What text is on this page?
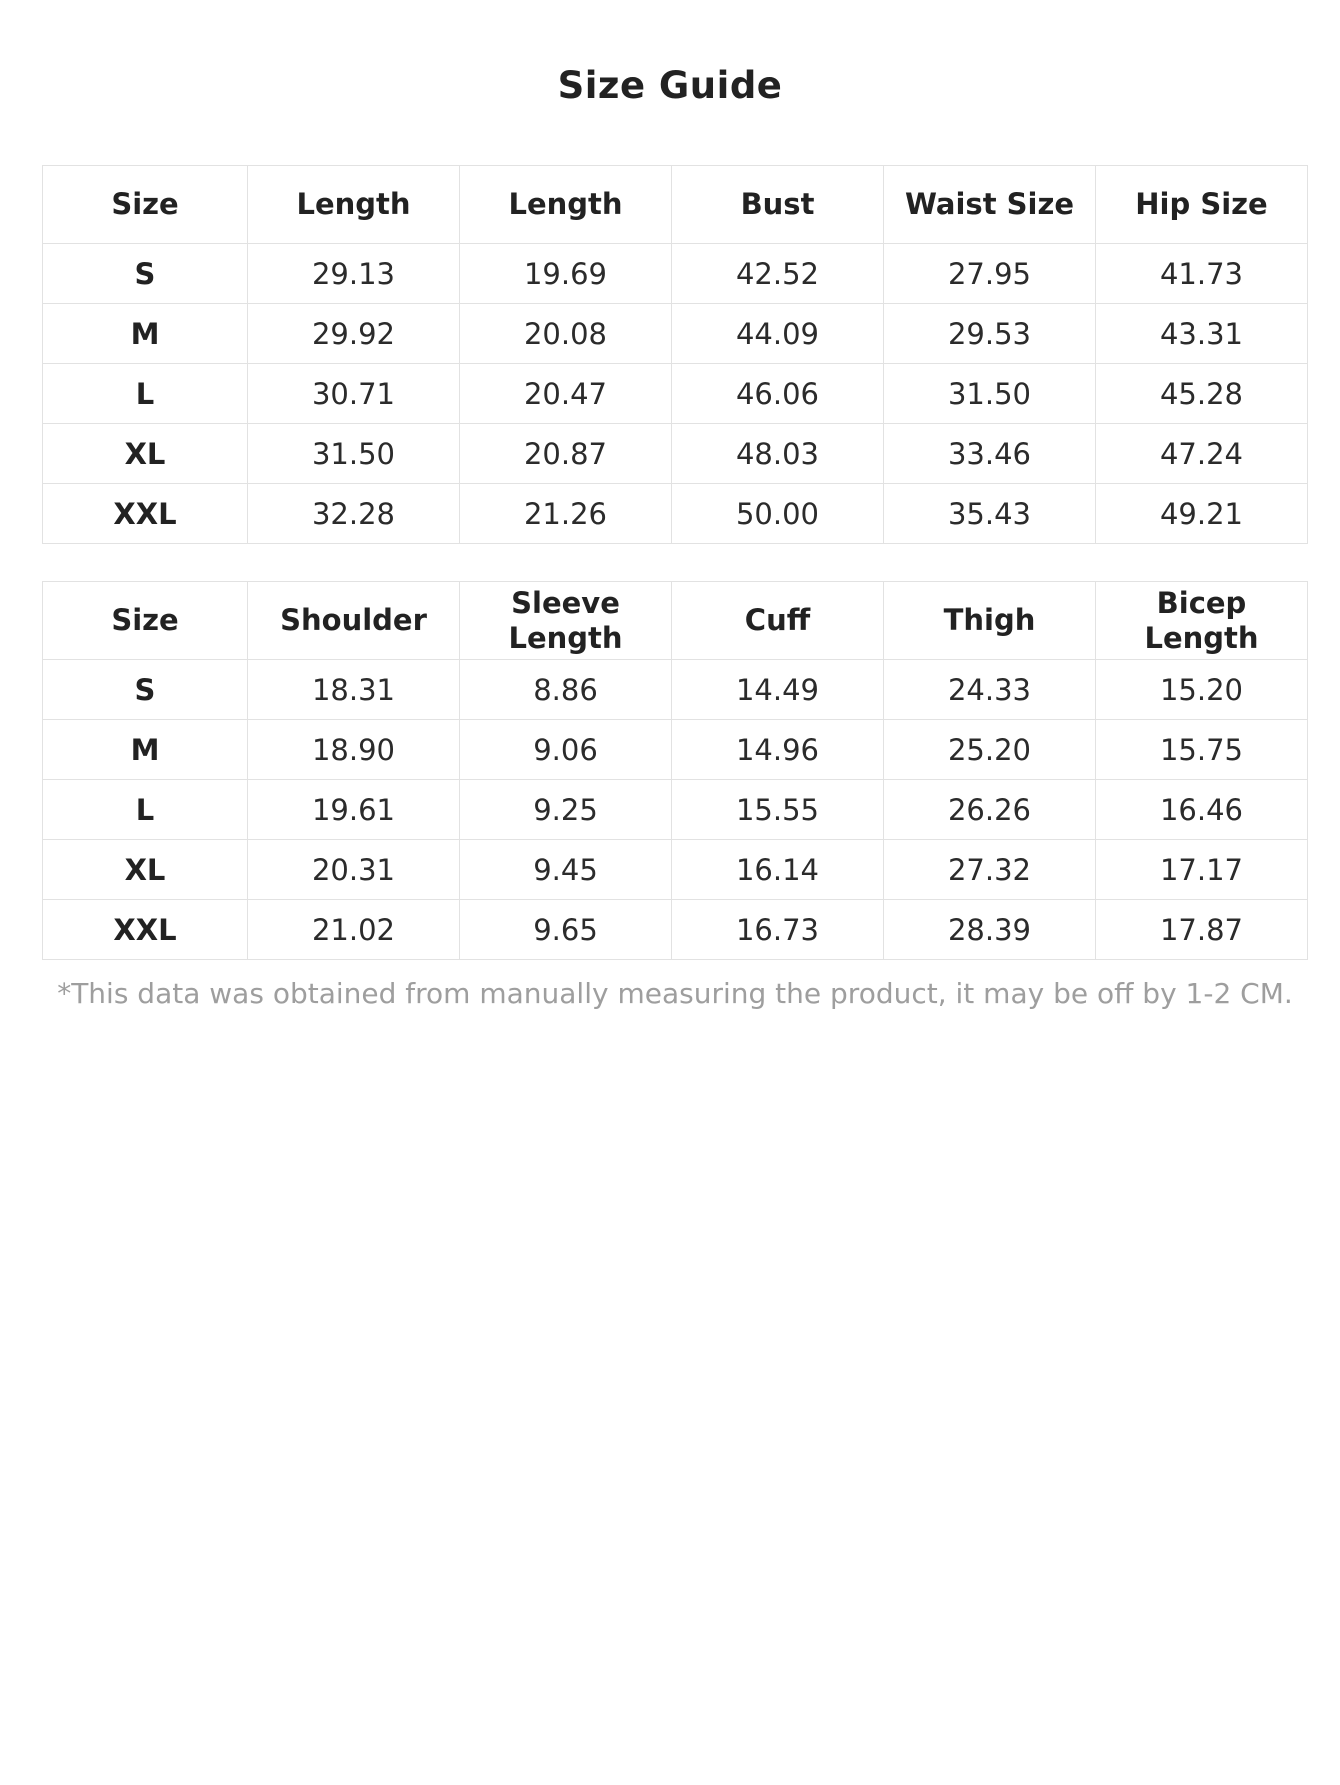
Size Guide
Size	Length	Length	Bust	Waist Size	Hip Size
S	29.13	19.69	42.52	27.95	41.73
M	29.92	20.08	44.09	29.53	43.31
L	30.71	20.47	46.06	31.50	45.28
XL	31.50	20.87	48.03	33.46	47.24
XXL	32.28	21.26	50.00	35.43	49.21
Size	Shoulder	Sleeve Length	Cuff	Thigh	Bicep Length
S	18.31	8.86	14.49	24.33	15.20
M	18.90	9.06	14.96	25.20	15.75
L	19.61	9.25	15.55	26.26	16.46
XL	20.31	9.45	16.14	27.32	17.17
XXL	21.02	9.65	16.73	28.39	17.87

*This data was obtained from manually measuring the product, it may be off by 1-2 CM.
